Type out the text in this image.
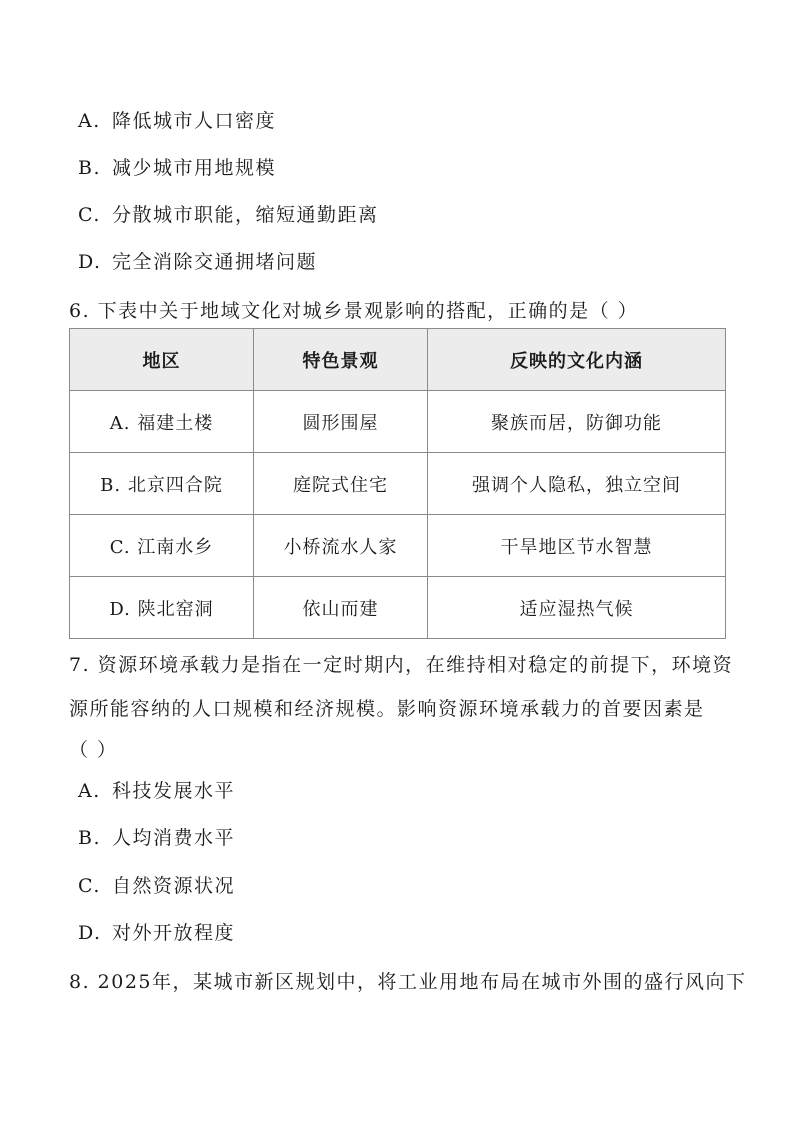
A. 降低城市人口密度
B. 减少城市用地规模
C. 分散城市职能，缩短通勤距离
D. 完全消除交通拥堵问题
6. 下表中关于地域文化对城乡景观影响的搭配，正确的是（ ）
地区	特色景观	反映的文化内涵
A. 福建土楼	圆形围屋	聚族而居，防御功能
B. 北京四合院	庭院式住宅	强调个人隐私，独立空间
C. 江南水乡	小桥流水人家	干旱地区节水智慧
D. 陕北窑洞	依山而建	适应湿热气候
7. 资源环境承载力是指在一定时期内，在维持相对稳定的前提下，环境资
源所能容纳的人口规模和经济规模。影响资源环境承载力的首要因素是
（ ）
A. 科技发展水平
B. 人均消费水平
C. 自然资源状况
D. 对外开放程度
8. 2025年，某城市新区规划中，将工业用地布局在城市外围的盛行风向下
